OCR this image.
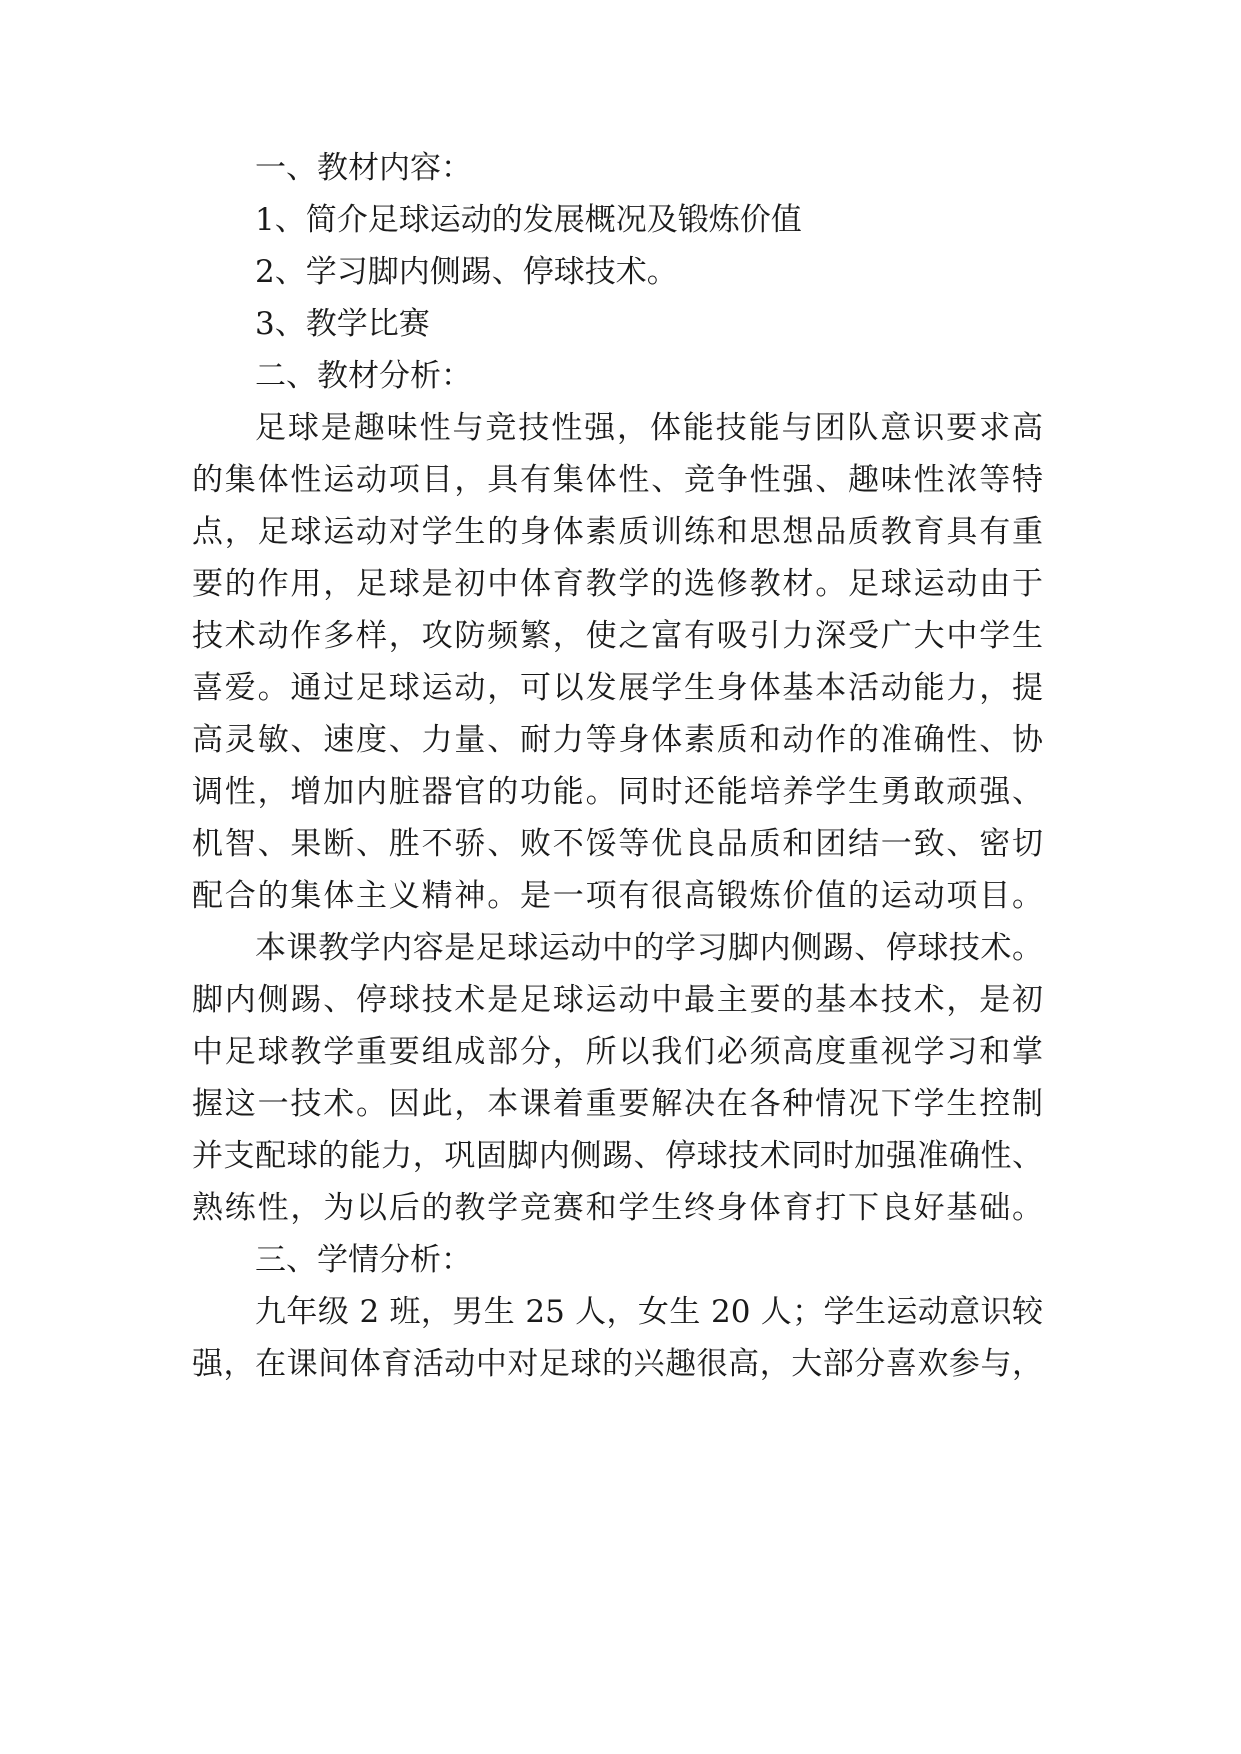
一、教材内容：
1、简介足球运动的发展概况及锻炼价值
2、学习脚内侧踢、停球技术。
3、教学比赛
二、教材分析：
足球是趣味性与竞技性强，体能技能与团队意识要求高
的集体性运动项目，具有集体性、竞争性强、趣味性浓等特
点，足球运动对学生的身体素质训练和思想品质教育具有重
要的作用，足球是初中体育教学的选修教材。足球运动由于
技术动作多样，攻防频繁，使之富有吸引力深受广大中学生
喜爱。通过足球运动，可以发展学生身体基本活动能力，提
高灵敏、速度、力量、耐力等身体素质和动作的准确性、协
调性，增加内脏器官的功能。同时还能培养学生勇敢顽强、
机智、果断、胜不骄、败不馁等优良品质和团结一致、密切
配合的集体主义精神。是一项有很高锻炼价值的运动项目。
本课教学内容是足球运动中的学习脚内侧踢、停球技术。
脚内侧踢、停球技术是足球运动中最主要的基本技术，是初
中足球教学重要组成部分，所以我们必须高度重视学习和掌
握这一技术。因此，本课着重要解决在各种情况下学生控制
并支配球的能力，巩固脚内侧踢、停球技术同时加强准确性、
熟练性，为以后的教学竞赛和学生终身体育打下良好基础。
三、学情分析：
九年级 2 班，男生 25 人，女生 20 人；学生运动意识较
强，在课间体育活动中对足球的兴趣很高，大部分喜欢参与，
